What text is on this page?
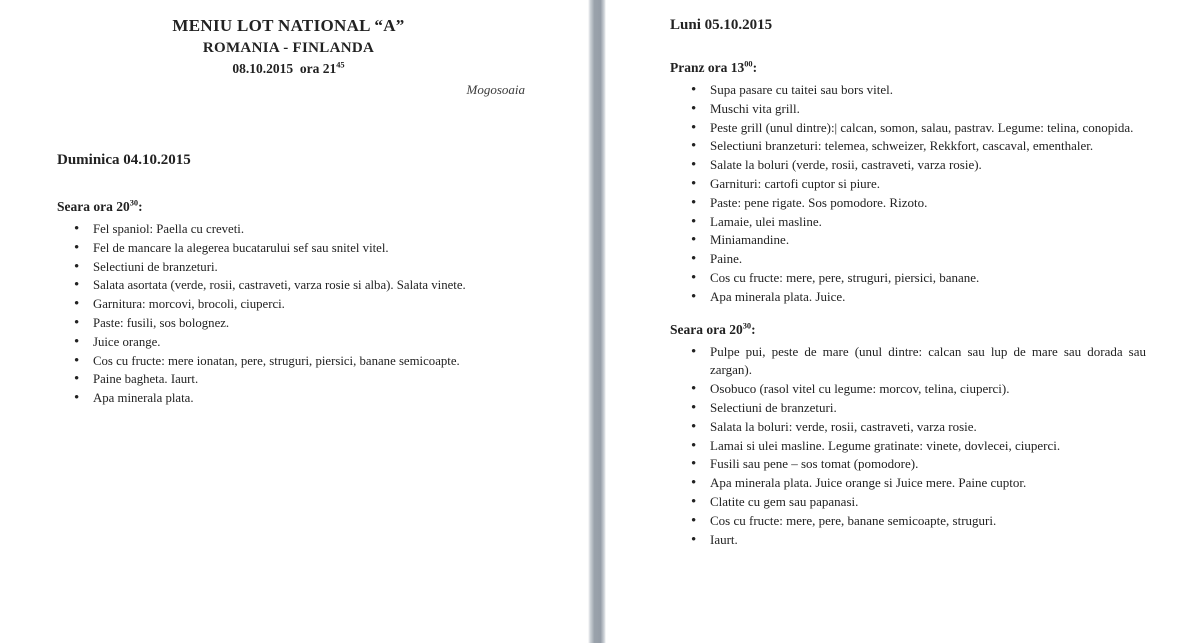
MENIU LOT NATIONAL “A”
ROMANIA - FINLANDA
08.10.2015  ora $21^{45}$
Mogosoaia
Duminica 04.10.2015
Seara ora $20^{30}$:
• Fel spaniol: Paella cu creveti.
• Fel de mancare la alegerea bucatarului sef sau snitel vitel.
• Selectiuni de branzeturi.
• Salata asortata (verde, rosii, castraveti, varza rosie si alba). Salata vinete.
• Garnitura: morcovi, brocoli, ciuperci.
• Paste: fusili, sos bolognez.
• Juice orange.
• Cos cu fructe: mere ionatan, pere, struguri, piersici, banane semicoapte.
• Paine bagheta. Iaurt.
• Apa minerala plata.
Luni 05.10.2015
Pranz ora $13^{00}$:
• Supa pasare cu taitei sau bors vitel.
• Muschi vita grill.
• Peste grill (unul dintre):| calcan, somon, salau, pastrav. Legume: telina, conopida.
• Selectiuni branzeturi: telemea, schweizer, Rekkfort, cascaval, ementhaler.
• Salate la boluri (verde, rosii, castraveti, varza rosie).
• Garnituri: cartofi cuptor si piure.
• Paste: pene rigate. Sos pomodore. Rizoto.
• Lamaie, ulei masline.
• Miniamandine.
• Paine.
• Cos cu fructe: mere, pere, struguri, piersici, banane.
• Apa minerala plata. Juice.
Seara ora $20^{30}$:
• Pulpe pui, peste de mare (unul dintre: calcan sau lup de mare sau dorada sau zargan).
• Osobuco (rasol vitel cu legume: morcov, telina, ciuperci).
• Selectiuni de branzeturi.
• Salata la boluri: verde, rosii, castraveti, varza rosie.
• Lamai si ulei masline. Legume gratinate: vinete, dovlecei, ciuperci.
• Fusili sau pene – sos tomat (pomodore).
• Apa minerala plata. Juice orange si Juice mere. Paine cuptor.
• Clatite cu gem sau papanasi.
• Cos cu fructe: mere, pere, banane semicoapte, struguri.
• Iaurt.
